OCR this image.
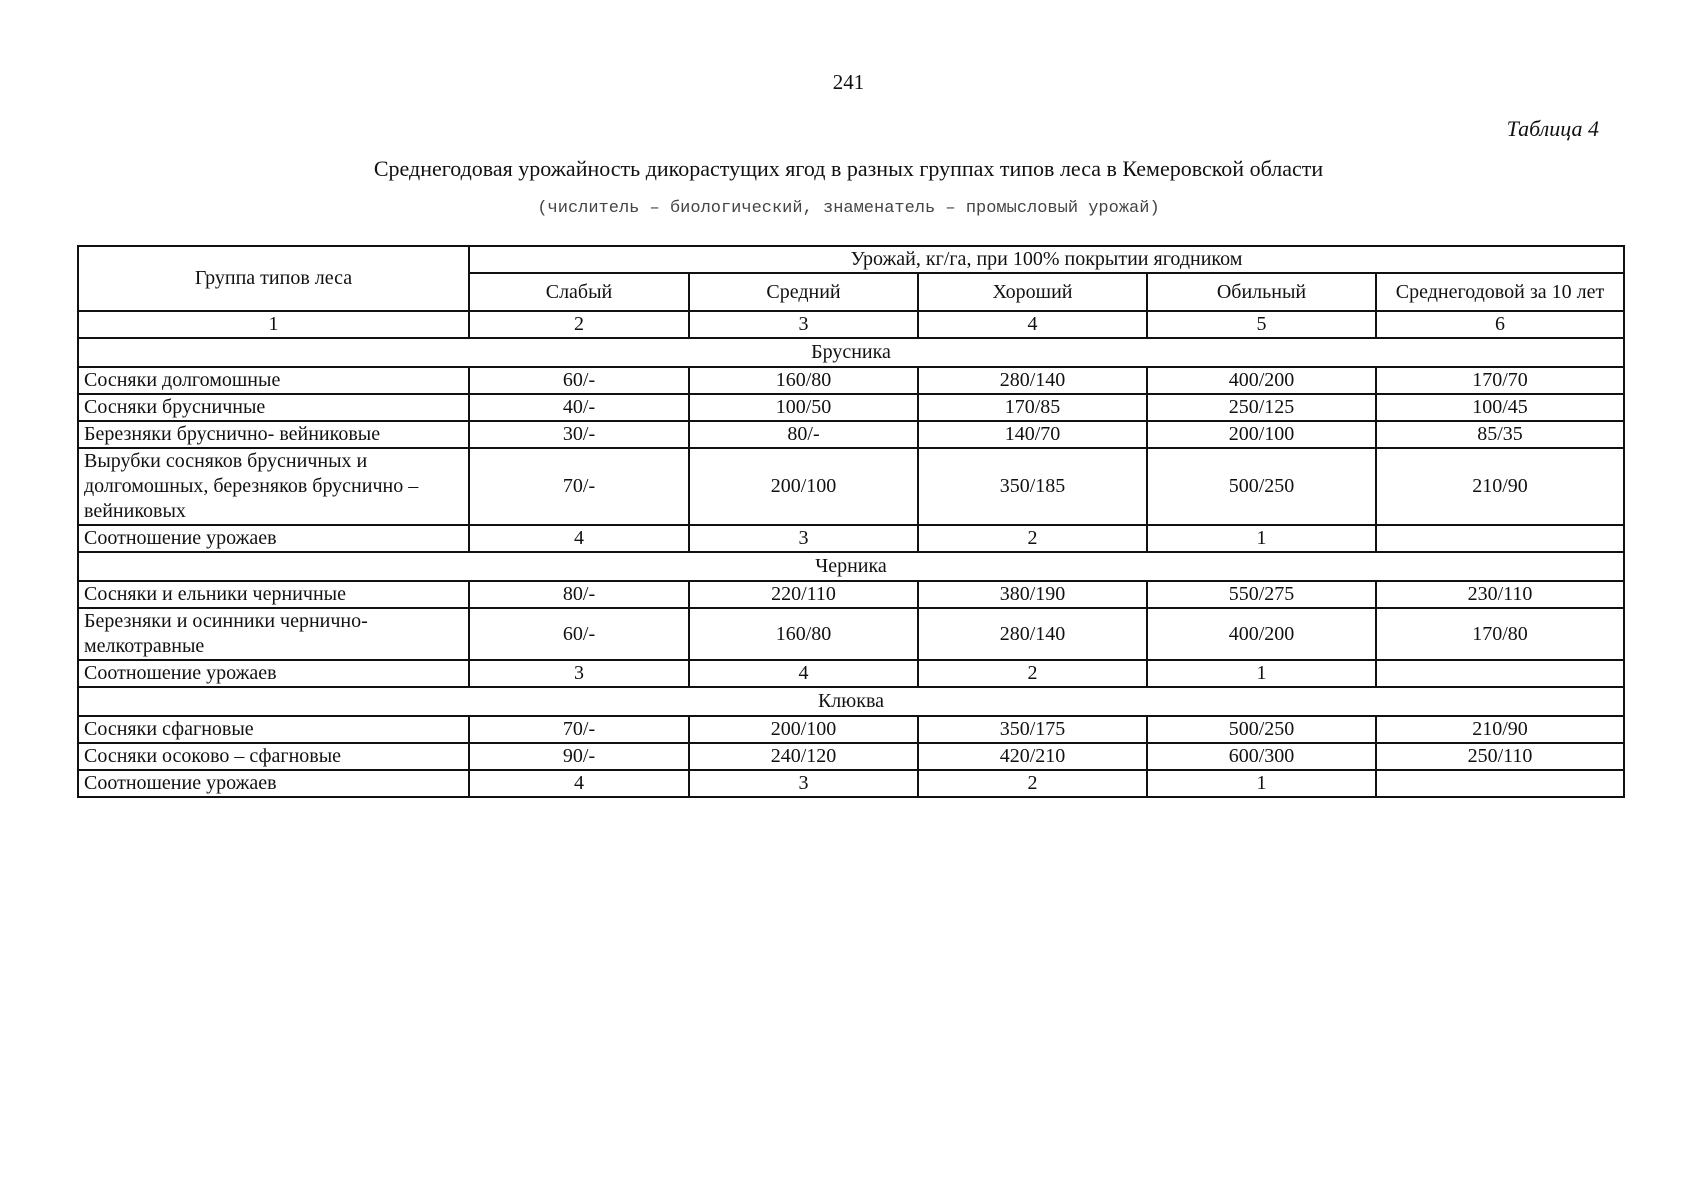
241
Таблица 4
Среднегодовая урожайность дикорастущих ягод в разных группах типов леса в Кемеровской области
(числитель – биологический, знаменатель – промысловый урожай)
Группа типов леса	Урожай, кг/га, при 100% покрытии ягодником				
	Слабый	Средний	Хороший	Обильный	Среднегодовой за 10 лет
1	2	3	4	5	6
Брусника					
Сосняки долгомошные	60/-	160/80	280/140	400/200	170/70
Сосняки брусничные	40/-	100/50	170/85	250/125	100/45
Березняки бруснично- вейниковые	30/-	80/-	140/70	200/100	85/35
Вырубки сосняков брусничных и долгомошных, березняков бруснично – вейниковых	70/-	200/100	350/185	500/250	210/90
Соотношение урожаев	4	3	2	1	
Черника					
Сосняки и ельники черничные	80/-	220/110	380/190	550/275	230/110
Березняки и осинники чернично-мелкотравные	60/-	160/80	280/140	400/200	170/80
Соотношение урожаев	3	4	2	1	
Клюква					
Сосняки сфагновые	70/-	200/100	350/175	500/250	210/90
Сосняки осоково – сфагновые	90/-	240/120	420/210	600/300	250/110
Соотношение урожаев	4	3	2	1	
